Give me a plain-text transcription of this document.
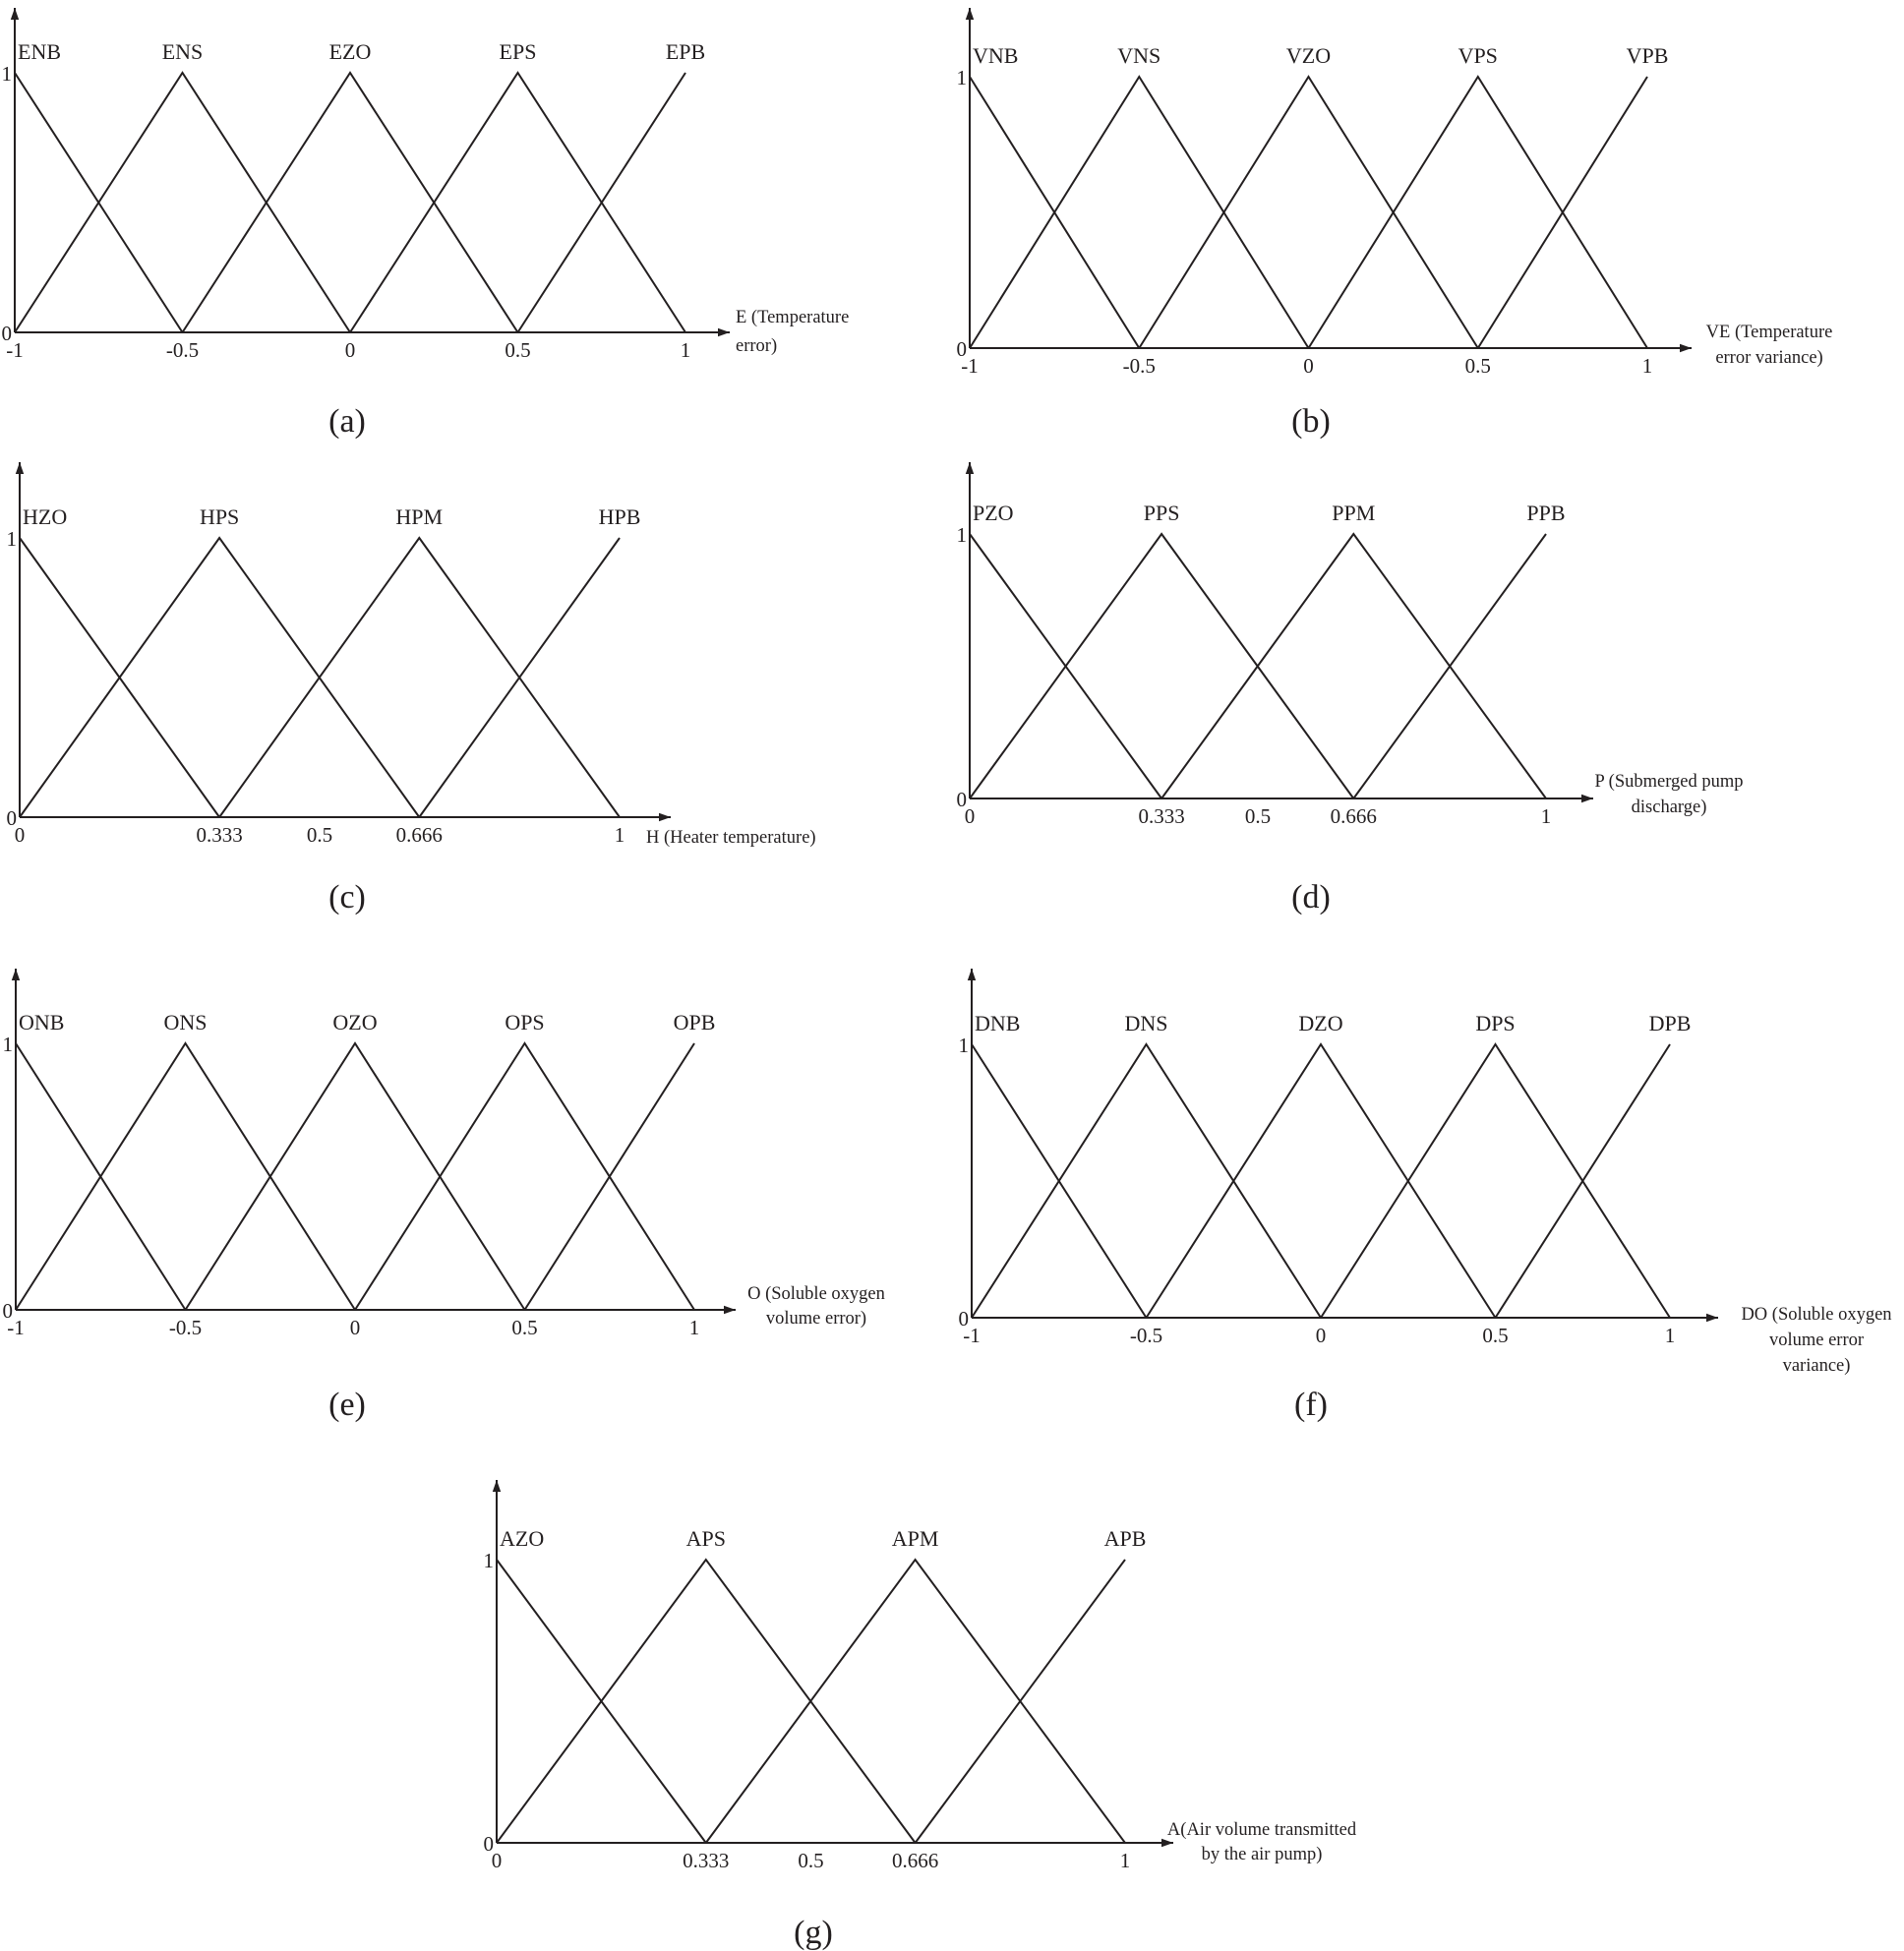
1
0
-1	-0.5	0	0.5	1
ENB	ENS	EZO	EPS	EPB
E (Temperature error)
(a)
1
0
-1	-0.5	0	0.5	1
VNB	VNS	VZO	VPS	VPB
VE (Temperature error variance)
(b)
1
0
0	0.333	0.5	0.666	1
HZO	HPS	HPM	HPB
H (Heater temperature)
(c)
1
0
0	0.333	0.5	0.666	1
PZO	PPS	PPM	PPB
P (Submerged pump discharge)
(d)
1
0
-1	-0.5	0	0.5	1
ONB	ONS	OZO	OPS	OPB
O (Soluble oxygen volume error)
(e)
1
0
-1	-0.5	0	0.5	1
DNB	DNS	DZO	DPS	DPB
DO (Soluble oxygen volume error variance)
(f)
1
0
0	0.333	0.5	0.666	1
AZO	APS	APM	APB
A(Air volume transmitted by the air pump)
(g)
